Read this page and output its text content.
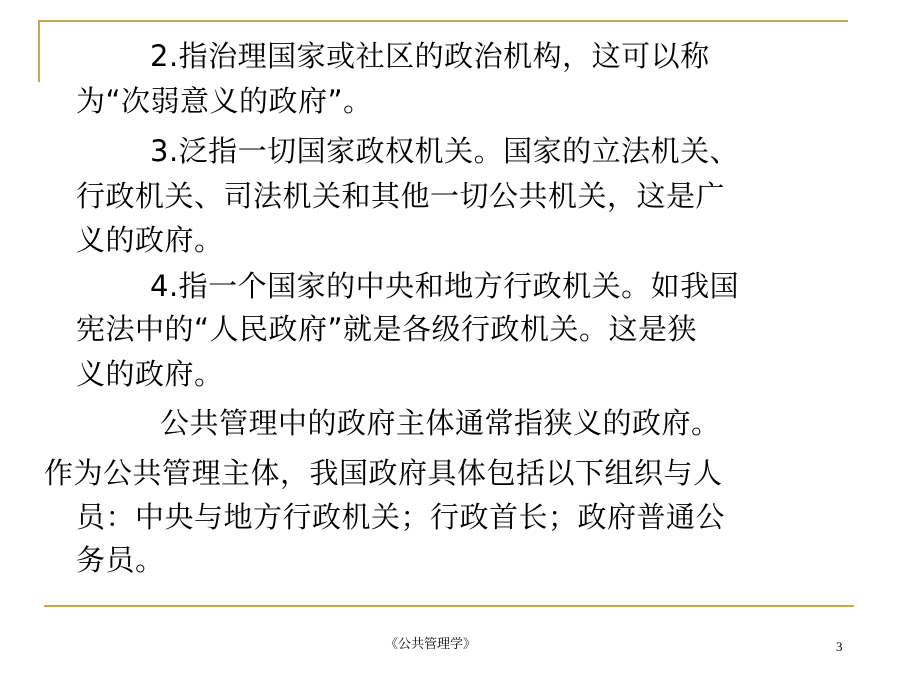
2.指治理国家或社区的政治机构，这可以称
为“次弱意义的政府”。
3.泛指一切国家政权机关。国家的立法机关、
行政机关、司法机关和其他一切公共机关，这是广
义的政府。
4.指一个国家的中央和地方行政机关。如我国
宪法中的“人民政府”就是各级行政机关。这是狭
义的政府。
公共管理中的政府主体通常指狭义的政府。
作为公共管理主体，我国政府具体包括以下组织与人
员：中央与地方行政机关；行政首长；政府普通公
务员。
《公共管理学》	3
